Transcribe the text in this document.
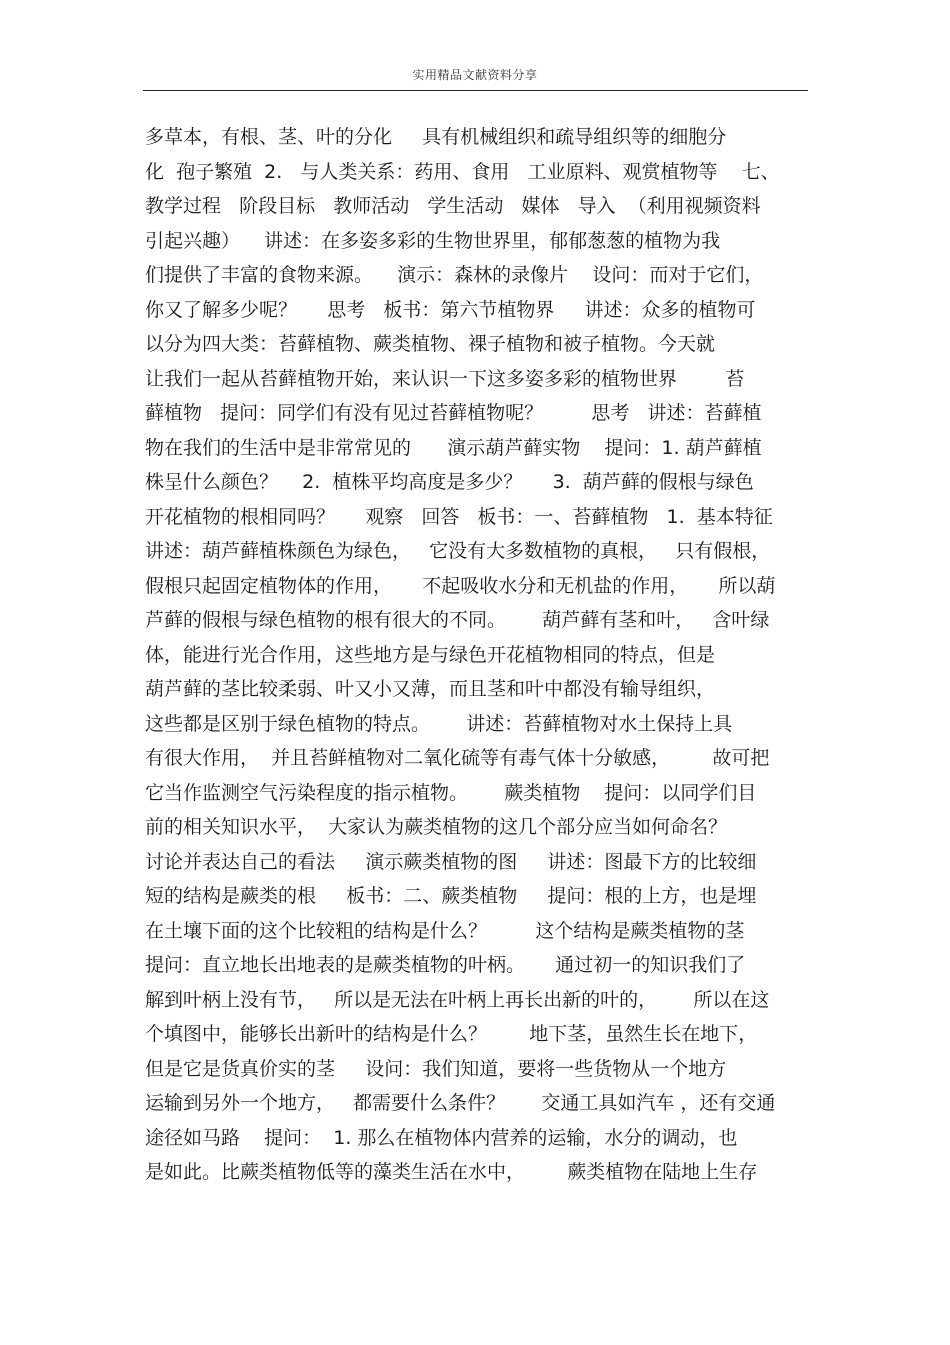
实用精品文献资料分享
多草本，有根、茎、叶的分化     具有机械组织和疏导组织等的细胞分
化  孢子繁殖  2.   与人类关系：药用、食用   工业原料、观赏植物等    七、
教学过程   阶段目标   教师活动   学生活动   媒体   导入  （利用视频资料
引起兴趣）    讲述：在多姿多彩的生物世界里，郁郁葱葱的植物为我
们提供了丰富的食物来源。    演示：森林的录像片    设问：而对于它们，
你又了解多少呢？     思考   板书：第六节植物界     讲述：众多的植物可
以分为四大类：苔藓植物、蕨类植物、裸子植物和被子植物。今天就
让我们一起从苔藓植物开始，来认识一下这多姿多彩的植物世界        苔
藓植物   提问：同学们有没有见过苔藓植物呢？        思考   讲述：苔藓植
物在我们的生活中是非常常见的      演示葫芦藓实物    提问：1. 葫芦藓植
株呈什么颜色？    2.  植株平均高度是多少？     3.  葫芦藓的假根与绿色
开花植物的根相同吗？     观察   回答   板书：一、苔藓植物   1.  基本特征
讲述：葫芦藓植株颜色为绿色，   它没有大多数植物的真根，   只有假根，
假根只起固定植物体的作用，     不起吸收水分和无机盐的作用，     所以葫
芦藓的假根与绿色植物的根有很大的不同。      葫芦藓有茎和叶，   含叶绿
体，能进行光合作用，这些地方是与绿色开花植物相同的特点，但是
葫芦藓的茎比较柔弱、叶又小又薄，而且茎和叶中都没有输导组织，
这些都是区别于绿色植物的特点。      讲述：苔藓植物对水土保持上具
有很大作用，  并且苔鲜植物对二氧化硫等有毒气体十分敏感，       故可把
它当作监测空气污染程度的指示植物。      蕨类植物    提问：以同学们目
前的相关知识水平，  大家认为蕨类植物的这几个部分应当如何命名？
讨论并表达自己的看法     演示蕨类植物的图     讲述：图最下方的比较细
短的结构是蕨类的根     板书：二、蕨类植物     提问：根的上方，也是埋
在土壤下面的这个比较粗的结构是什么？        这个结构是蕨类植物的茎
提问：直立地长出地表的是蕨类植物的叶柄。     通过初一的知识我们了
解到叶柄上没有节，   所以是无法在叶柄上再长出新的叶的，      所以在这
个填图中，能够长出新叶的结构是什么？       地下茎，虽然生长在地下，
但是它是货真价实的茎     设问：我们知道，要将一些货物从一个地方
运输到另外一个地方，   都需要什么条件？      交通工具如汽车 ，还有交通
途径如马路    提问：  1. 那么在植物体内营养的运输，水分的调动，也
是如此。比蕨类植物低等的藻类生活在水中，       蕨类植物在陆地上生存
